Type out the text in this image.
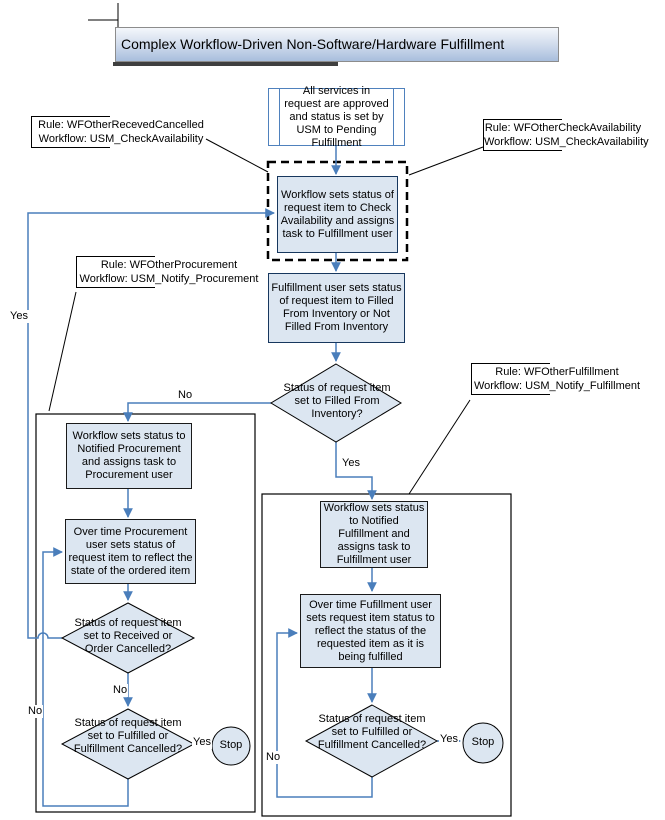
Complex Workflow-Driven Non-Software/Hardware Fulfillment
All services in request are approved and status is set by USM to Pending Fulfillment
Workflow sets status of request item to Check Availability and assigns task to Fulfillment user
Fulfillment user sets status of request item to Filled From Inventory or Not Filled From Inventory
Workflow sets status to Notified Procurement and assigns task to Procurement user
Over time Procurement user sets status of request item to reflect the state of the ordered item
Workflow sets status to Notified Fulfillment and assigns task to Fulfillment user
Over time Fufillment user sets request item status to reflect the status of the requested item as it is being fulfilled
Status of request item set to Filled From Inventory?
Status of request item set to Received or Order Cancelled?
Status of request item set to Fulfilled or Fulfillment Cancelled?
Status of request item set to Fulfilled or Fulfillment Cancelled?
Stop	Stop
Rule: WFOtherRecevedCancelled
Workflow: USM_CheckAvailability
Rule: WFOtherCheckAvailability
Workflow: USM_CheckAvailability
Rule: WFOtherProcurement
Workflow: USM_Notify_Procurement
Rule: WFOtherFulfillment
Workflow: USM_Notify_Fulfillment
Yes
No
Yes
No
Yes
No
Yes
No
